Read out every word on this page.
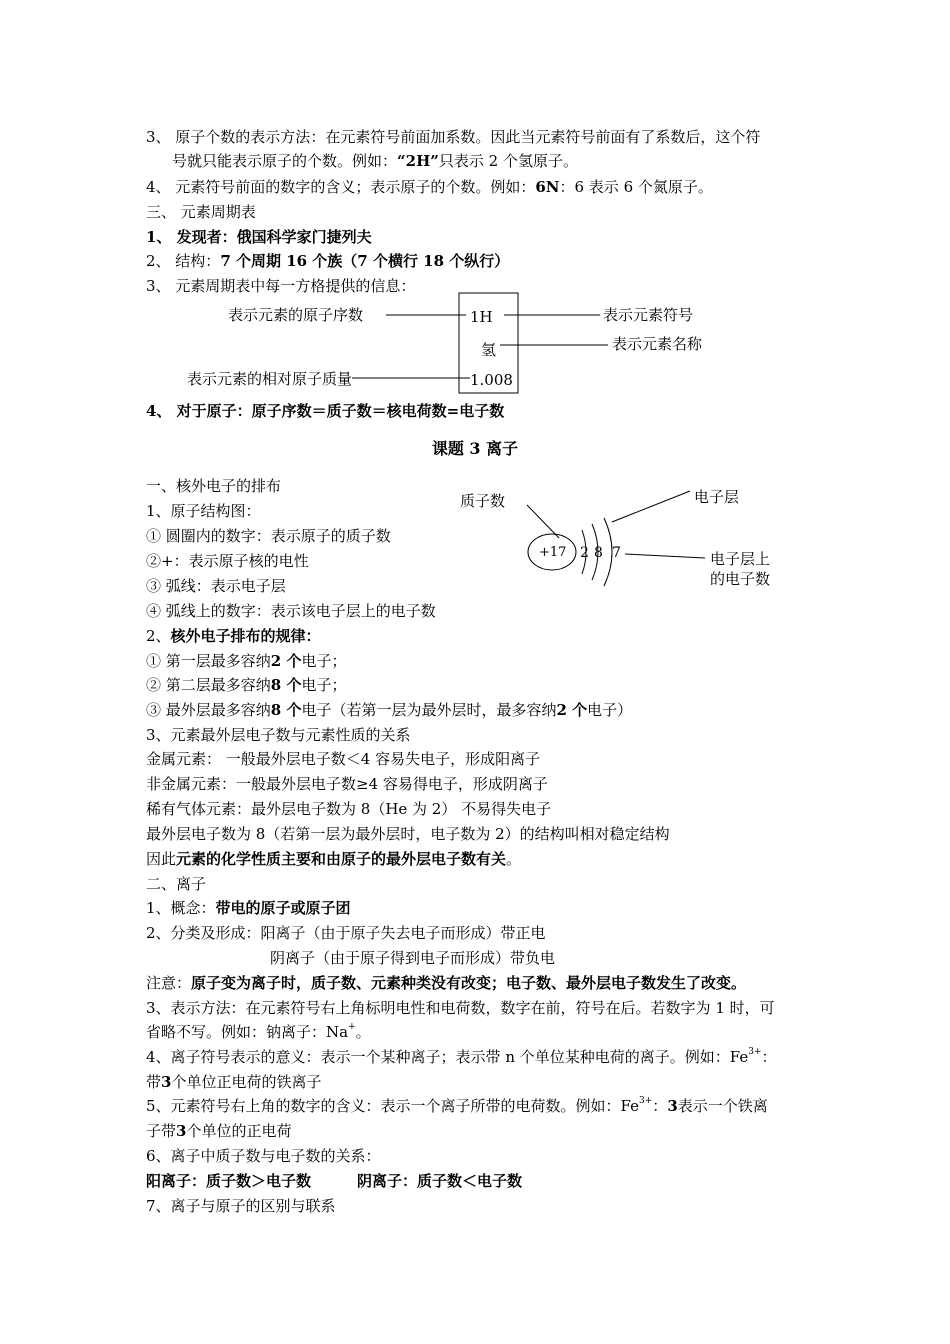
3、 原子个数的表示方法：在元素符号前面加系数。因此当元素符号前面有了系数后，这个符
号就只能表示原子的个数。例如：“2H”只表示 2 个氢原子。
4、 元素符号前面的数字的含义；表示原子的个数。例如：6N：6 表示 6 个氮原子。
三、 元素周期表
1、 发现者：俄国科学家门捷列夫
2、 结构：7 个周期 16 个族（7 个横行 18 个纵行）
3、 元素周期表中每一方格提供的信息：
表示元素的原子序数
表示元素的相对原子质量
表示元素符号
表示元素名称
1H
氢
1.008
4、 对于原子：原子序数＝质子数＝核电荷数=电子数
课题 3 离子
质子数	电子层
电子层上
的电子数
+17 2 8 7
一、核外电子的排布
1、原子结构图：
① 圆圈内的数字：表示原子的质子数
②+：表示原子核的电性
③ 弧线：表示电子层
④ 弧线上的数字：表示该电子层上的电子数
2、核外电子排布的规律：
① 第一层最多容纳2 个电子；
② 第二层最多容纳8 个电子；
③ 最外层最多容纳8 个电子（若第一层为最外层时，最多容纳2 个电子）
3、元素最外层电子数与元素性质的关系
金属元素： 一般最外层电子数＜4 容易失电子，形成阳离子
非金属元素：一般最外层电子数≥4 容易得电子，形成阴离子
稀有气体元素：最外层电子数为 8（He 为 2） 不易得失电子
最外层电子数为 8（若第一层为最外层时，电子数为 2）的结构叫相对稳定结构
因此元素的化学性质主要和由原子的最外层电子数有关。
二、离子
1、概念：带电的原子或原子团
2、分类及形成：阳离子（由于原子失去电子而形成）带正电
阴离子（由于原子得到电子而形成）带负电
注意：原子变为离子时，质子数、元素种类没有改变；电子数、最外层电子数发生了改变。
3、表示方法：在元素符号右上角标明电性和电荷数，数字在前，符号在后。若数字为 1 时，可
省略不写。例如：钠离子：Na+。
4、离子符号表示的意义：表示一个某种离子；表示带 n 个单位某种电荷的离子。例如：$Fe^{3+}$：
带3个单位正电荷的铁离子
5、元素符号右上角的数字的含义：表示一个离子所带的电荷数。例如：$Fe^{3+}$：3表示一个铁离
子带3个单位的正电荷
6、离子中质子数与电子数的关系：
阳离子：质子数＞电子数	阴离子：质子数＜电子数
7、离子与原子的区别与联系
